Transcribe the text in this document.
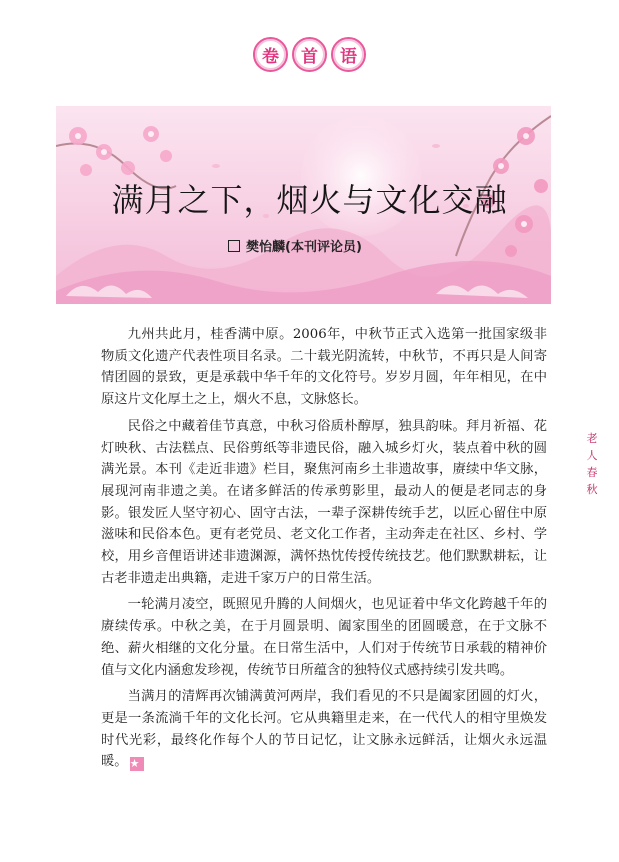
卷	首	语
满月之下，烟火与文化交融
樊怡麟(本刊评论员)

九州共此月，桂香满中原。2006年，中秋节正式入选第一批国家级非物质文化遗产代表性项目名录。二十载光阴流转，中秋节，不再只是人间寄情团圆的景致，更是承载中华千年的文化符号。岁岁月圆，年年相见，在中原这片文化厚土之上，烟火不息，文脉悠长。

民俗之中藏着佳节真意，中秋习俗质朴醇厚，独具韵味。拜月祈福、花灯映秋、古法糕点、民俗剪纸等非遗民俗，融入城乡灯火，装点着中秋的圆满光景。本刊《走近非遗》栏目，聚焦河南乡土非遗故事，赓续中华文脉，展现河南非遗之美。在诸多鲜活的传承剪影里，最动人的便是老同志的身影。银发匠人坚守初心、固守古法，一辈子深耕传统手艺，以匠心留住中原滋味和民俗本色。更有老党员、老文化工作者，主动奔走在社区、乡村、学校，用乡音俚语讲述非遗渊源，满怀热忱传授传统技艺。他们默默耕耘，让古老非遗走出典籍，走进千家万户的日常生活。

一轮满月凌空，既照见升腾的人间烟火，也见证着中华文化跨越千年的赓续传承。中秋之美，在于月圆景明、阖家围坐的团圆暖意，在于文脉不绝、薪火相继的文化分量。在日常生活中，人们对于传统节日承载的精神价值与文化内涵愈发珍视，传统节日所蕴含的独特仪式感持续引发共鸣。

当满月的清辉再次铺满黄河两岸，我们看见的不只是阖家团圆的灯火，更是一条流淌千年的文化长河。它从典籍里走来，在一代代人的相守里焕发时代光彩，最终化作每个人的节日记忆，让文脉永远鲜活，让烟火永远温暖。 ★

老
人
春
秋
